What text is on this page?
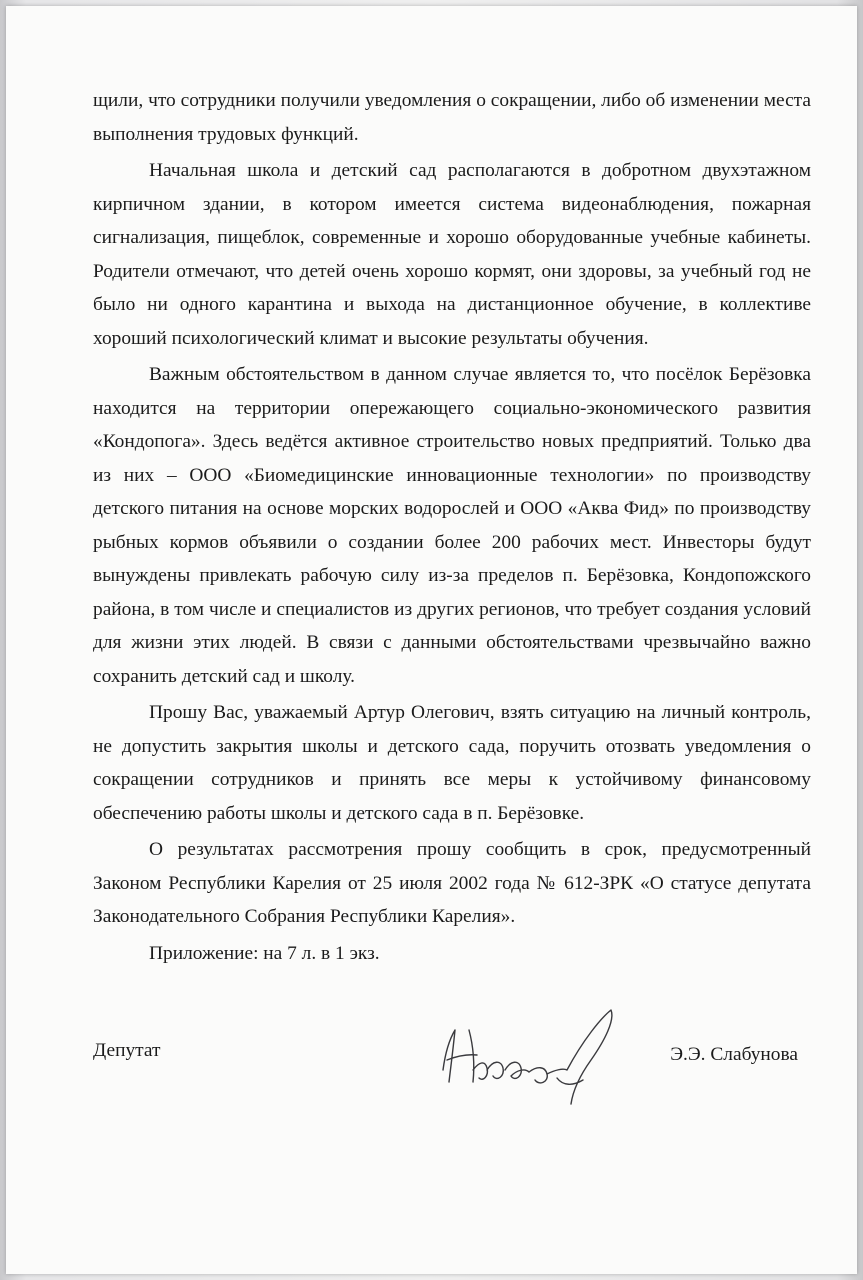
щили, что сотрудники получили уведомления о сокращении, либо об изменении места выполнения трудовых функций.

Начальная школа и детский сад располагаются в добротном двухэтажном кирпичном здании, в котором имеется система видеонаблюдения, пожарная сигнализация, пищеблок, современные и хорошо оборудованные учебные кабинеты. Родители отмечают, что детей очень хорошо кормят, они здоровы, за учебный год не было ни одного карантина и выхода на дистанционное обучение, в коллективе хороший психологический климат и высокие результаты обучения.

Важным обстоятельством в данном случае является то, что посёлок Берёзовка находится на территории опережающего социально-экономического развития «Кондопога». Здесь ведётся активное строительство новых предприятий. Только два из них – ООО «Биомедицинские инновационные технологии» по производству детского питания на основе морских водорослей и ООО «Аква Фид» по производству рыбных кормов объявили о создании более 200 рабочих мест. Инвесторы будут вынуждены привлекать рабочую силу из-за пределов п. Берёзовка, Кондопожского района, в том числе и специалистов из других регионов, что требует создания условий для жизни этих людей. В связи с данными обстоятельствами чрезвычайно важно сохранить детский сад и школу.

Прошу Вас, уважаемый Артур Олегович, взять ситуацию на личный контроль, не допустить закрытия школы и детского сада, поручить отозвать уведомления о сокращении сотрудников и принять все меры к устойчивому финансовому обеспечению работы школы и детского сада в п. Берёзовке.

О результатах рассмотрения прошу сообщить в срок, предусмотренный Законом Республики Карелия от 25 июля 2002 года № 612-ЗРК «О статусе депутата Законодательного Собрания Республики Карелия».

Приложение: на 7 л. в 1 экз.

Депутат	Э.Э. Слабунова
